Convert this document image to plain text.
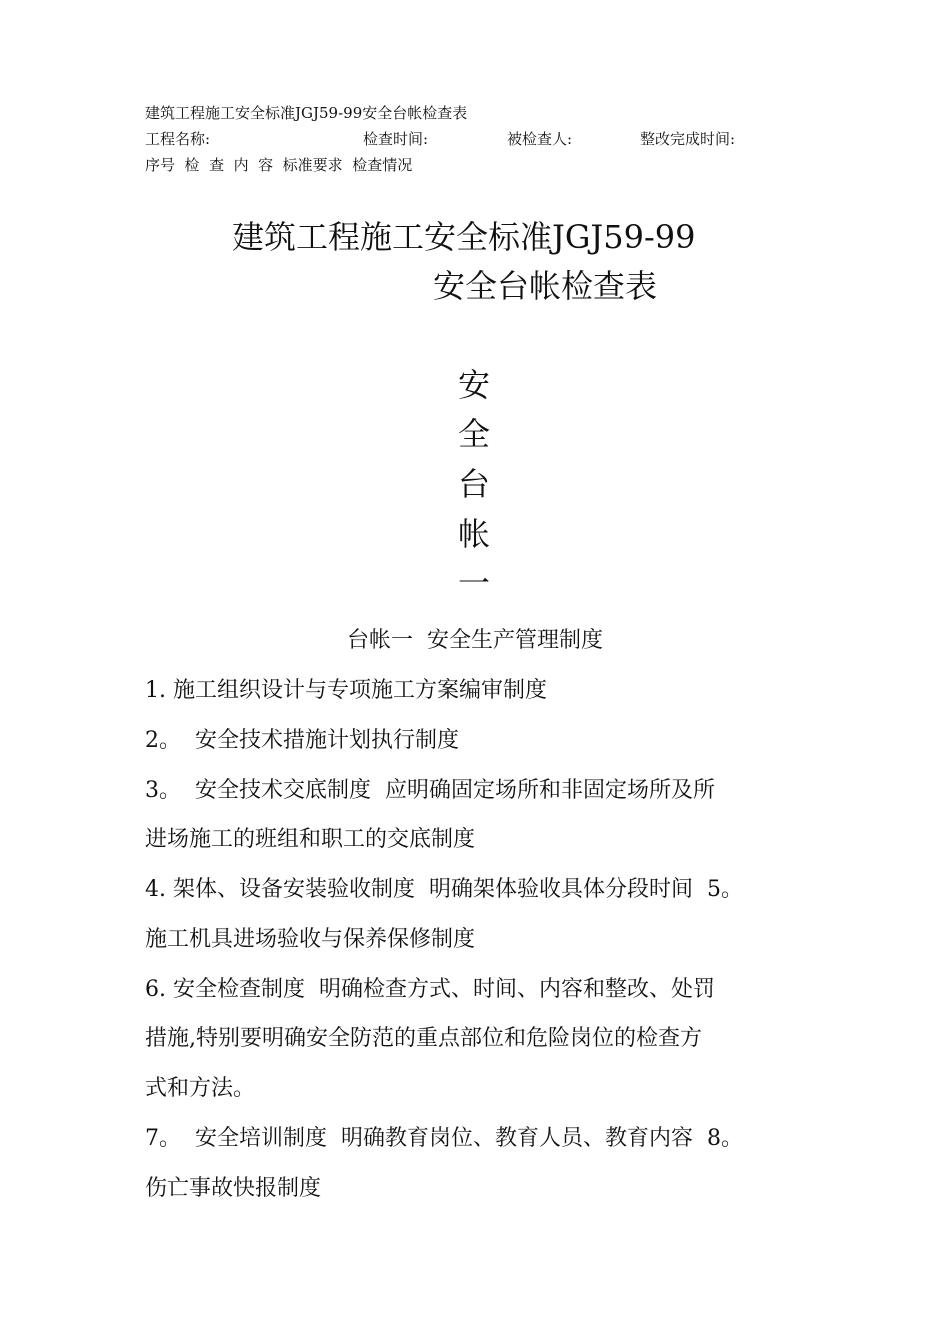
建筑工程施工安全标准JGJ59-99安全台帐检查表
工程名称:	检查时间:	被检查人:	整改完成时间:
序号  检  查  内  容  标准要求  检查情况
建筑工程施工安全标准JGJ59-99
安全台帐检查表
安
全
台
帐
一
台帐一  安全生产管理制度
1. 施工组织设计与专项施工方案编审制度
2。  安全技术措施计划执行制度
3。  安全技术交底制度  应明确固定场所和非固定场所及所
进场施工的班组和职工的交底制度
4. 架体、设备安装验收制度  明确架体验收具体分段时间  5。
施工机具进场验收与保养保修制度
6. 安全检查制度  明确检查方式、时间、内容和整改、处罚
措施,特别要明确安全防范的重点部位和危险岗位的检查方
式和方法。
7。  安全培训制度  明确教育岗位、教育人员、教育内容  8。
伤亡事故快报制度
